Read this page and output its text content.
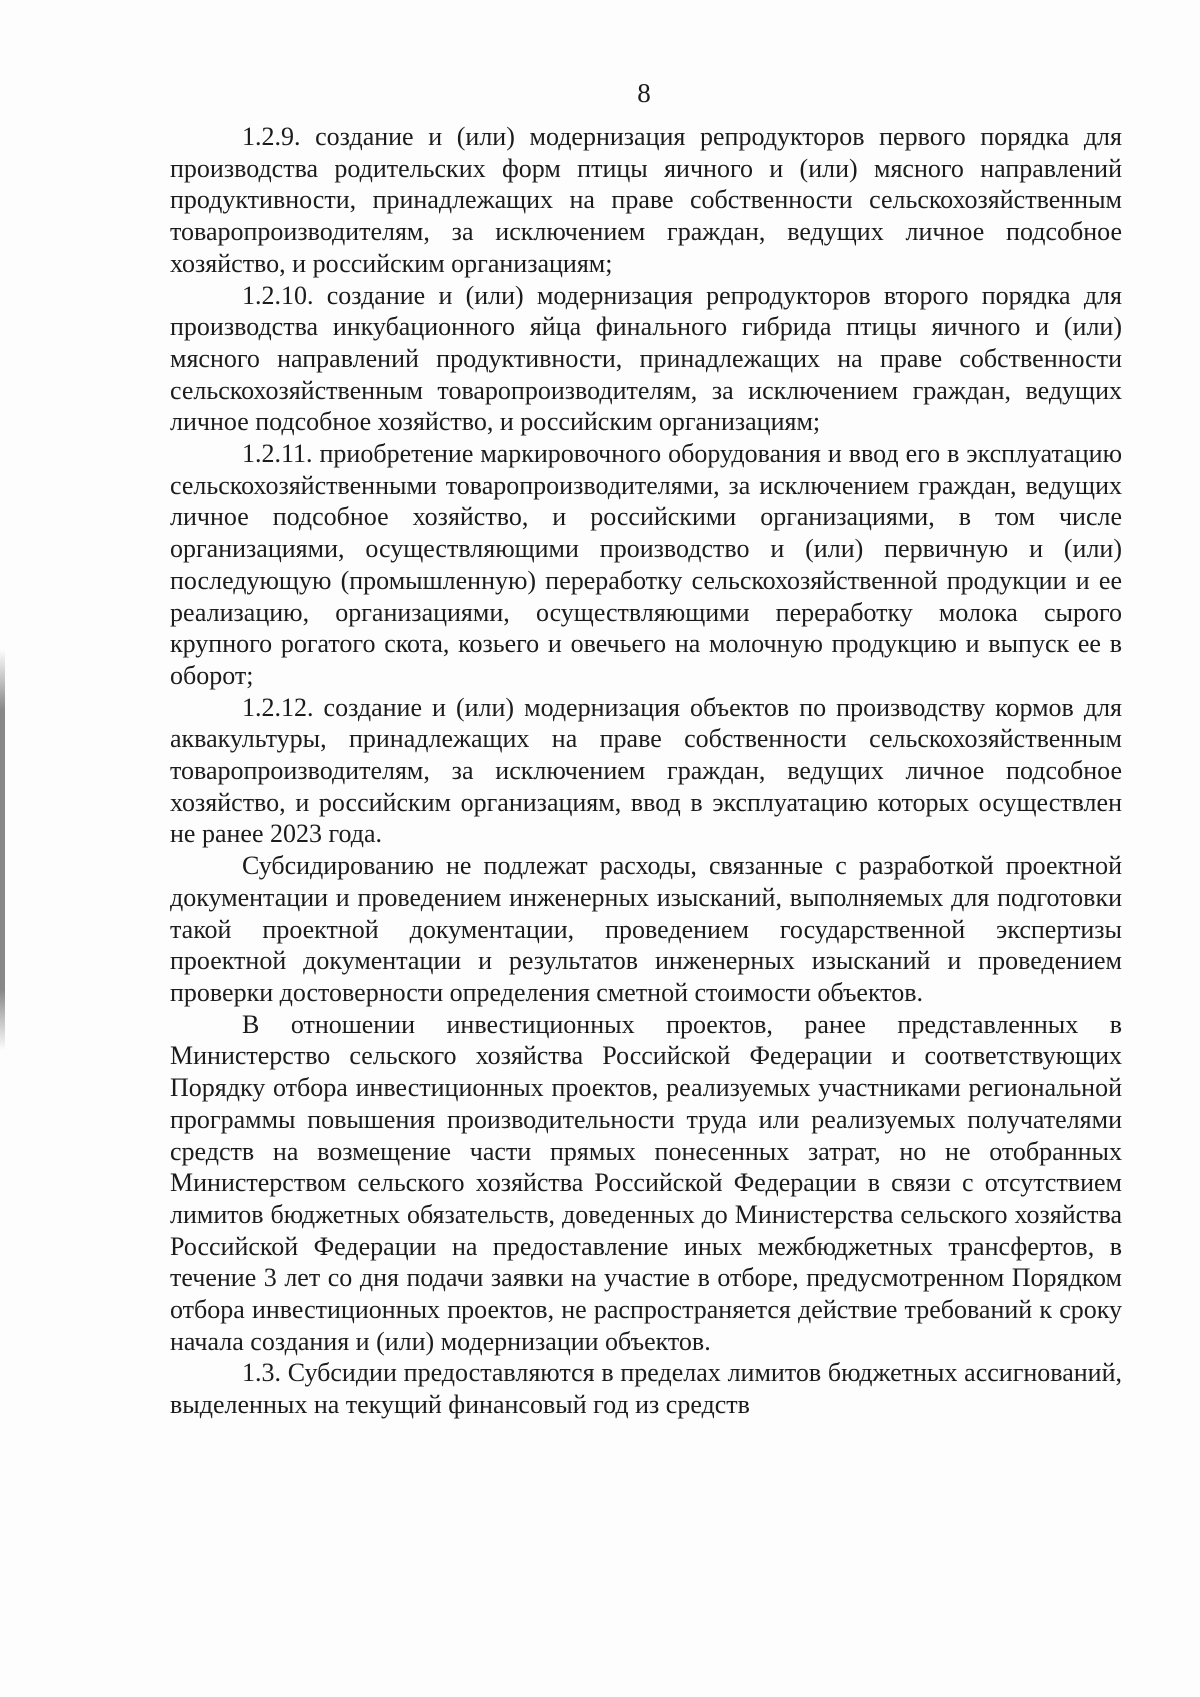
8

1.2.9. создание и (или) модернизация репродукторов первого порядка для производства родительских форм птицы яичного и (или) мясного направлений продуктивности, принадлежащих на праве собственности сельскохозяйственным товаропроизводителям, за исключением граждан, ведущих личное подсобное хозяйство, и российским организациям;

1.2.10. создание и (или) модернизация репродукторов второго порядка для производства инкубационного яйца финального гибрида птицы яичного и (или) мясного направлений продуктивности, принадлежащих на праве собственности сельскохозяйственным товаропроизводителям, за исключением граждан, ведущих личное подсобное хозяйство, и российским организациям;

1.2.11. приобретение маркировочного оборудования и ввод его в эксплуатацию сельскохозяйственными товаропроизводителями, за исключением граждан, ведущих личное подсобное хозяйство, и российскими организациями, в том числе организациями, осуществляющими производство и (или) первичную и (или) последующую (промышленную) переработку сельскохозяйственной продукции и ее реализацию, организациями, осуществляющими переработку молока сырого крупного рогатого скота, козьего и овечьего на молочную продукцию и выпуск ее в оборот;

1.2.12. создание и (или) модернизация объектов по производству кормов для аквакультуры, принадлежащих на праве собственности сельскохозяйственным товаропроизводителям, за исключением граждан, ведущих личное подсобное хозяйство, и российским организациям, ввод в эксплуатацию которых осуществлен не ранее 2023 года.

Субсидированию не подлежат расходы, связанные с разработкой проектной документации и проведением инженерных изысканий, выполняемых для подготовки такой проектной документации, проведением государственной экспертизы проектной документации и результатов инженерных изысканий и проведением проверки достоверности определения сметной стоимости объектов.

В отношении инвестиционных проектов, ранее представленных в Министерство сельского хозяйства Российской Федерации и соответствующих Порядку отбора инвестиционных проектов, реализуемых участниками региональной программы повышения производительности труда или реализуемых получателями средств на возмещение части прямых понесенных затрат, но не отобранных Министерством сельского хозяйства Российской Федерации в связи с отсутствием лимитов бюджетных обязательств, доведенных до Министерства сельского хозяйства Российской Федерации на предоставление иных межбюджетных трансфертов, в течение 3 лет со дня подачи заявки на участие в отборе, предусмотренном Порядком отбора инвестиционных проектов, не распространяется действие требований к сроку начала создания и (или) модернизации объектов.

1.3. Субсидии предоставляются в пределах лимитов бюджетных ассигнований, выделенных на текущий финансовый год из средств
